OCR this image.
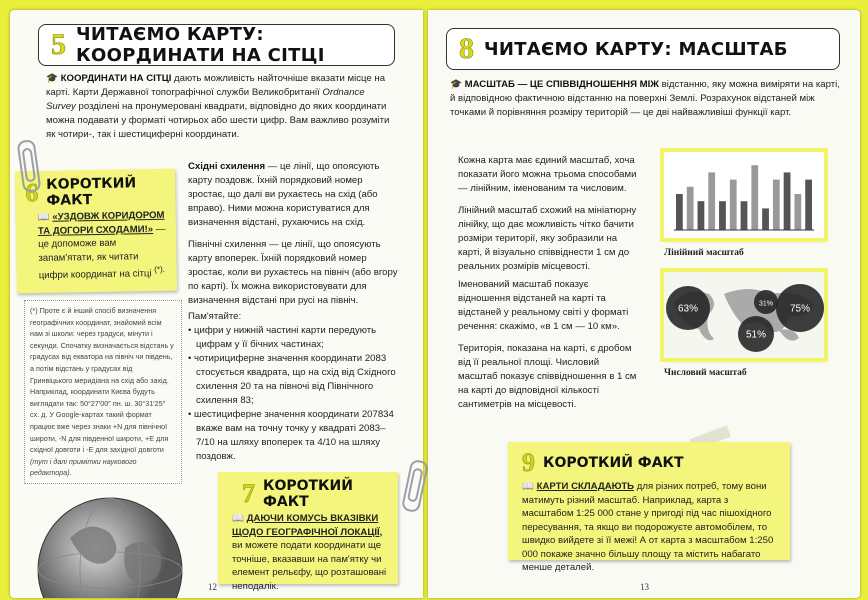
5 ЧИТАЄМО КАРТУ: КООРДИНАТИ НА СІТЦІ

🎓 КООРДИНАТИ НА СІТЦІ дають можливість найточніше вказати місце на карті. Карти Державної топографічної служби Великобританії Ordnance Survey розділені на пронумеровані квадрати, відповідно до яких координати можна подавати у форматі чотирьох або шести цифр. Вам важливо розуміти як чотири-, так і шестициферні координати.

6 КОРОТКИЙ ФАКТ
📖 «УЗДОВЖ КОРИДОРОМ ТА ДОГОРИ СХОДАМИ!» — це допоможе вам запам'ятати, як читати цифри координат на сітці (*).
Східні схилення — це лінії, що опоясують карту поздовж. Їхній порядковий номер зростає, що далі ви рухаєтесь на схід (або вправо). Ними можна користуватися для визначення відстані, рухаючись на схід.
Північні схилення — це лінії, що опоясують карту впоперек. Їхній порядковий номер зростає, коли ви рухаєтесь на північ (або вгору по карті). Їх можна використовувати для визначення відстані при русі на північ.
Пам'ятайте:
• цифри у нижній частині карти передують цифрам у її бічних частинах;
• чотирициферне значення координати 2083 стосується квадрата, що на схід від Східного схилення 20 та на півночі від Північного схилення 83;
• шестициферне значення координати 207834 вкаже вам на точну точку у квадраті 2083–7/10 на шляху впоперек та 4/10 на шляху поздовж.
(*) Проте є й інший спосіб визначення географічних координат, знайомий всім нам зі школи: через градуси, мінути і секунди. Спочатку визначається відстань у градусах від екватора на північ чи південь, а потім відстань у градусах від Гринвіцького меридіана на схід або захід. Наприклад, координати Києва будуть виглядати так: 50°27′00″ пн. ш. 30°31′25″ сх. д. У Google-картах такий формат працює вже через знаки +N для північної широти, -N для південної широти, +E для східної довготи і -E для західної довготи (тут і далі примітки наукового редактора).
7 КОРОТКИЙ ФАКТ
📖 ДАЮЧИ КОМУСЬ ВКАЗІВКИ ЩОДО ГЕОГРАФІЧНОЇ ЛОКАЦІЇ, ви можете подати координати ще точніше, вказавши на пам'ятку чи елемент рельєфу, що розташовані неподалік.
12
8 ЧИТАЄМО КАРТУ: МАСШТАБ

🎓 МАСШТАБ — ЦЕ СПІВВІДНОШЕННЯ МІЖ відстанню, яку можна виміряти на карті, й відповідною фактичною відстанню на поверхні Землі. Розрахунок відстаней між точками й порівняння розміру територій — це дві найважливіші функції карт.

Кожна карта має єдиний масштаб, хоча показати його можна трьома способами — лінійним, іменованим та числовим.
Лінійний масштаб схожий на мініатюрну лінійку, що дає можливість чітко бачити розміри території, яку зобразили на карті, й візуально співвіднести 1 см до реальних розмірів місцевості.
Іменований масштаб показує відношення відстаней на карті та відстаней у реальному світі у форматі речення: скажімо, «в 1 см — 10 км».
Територія, показана на карті, є дробом від її реальної площі. Числовий масштаб показує співвідношення в 1 см на карті до відповідної кількості сантиметрів на місцевості.
Лінійний масштаб
63%	75%
51%
31%
Числовий масштаб
9 КОРОТКИЙ ФАКТ
📖 КАРТИ СКЛАДАЮТЬ для різних потреб, тому вони матимуть різний масштаб. Наприклад, карта з масштабом 1:25 000 стане у пригоді під час пішохідного пересування, та якщо ви подорожуєте автомобілем, то швидко вийдете зі її межі! А от карта з масштабом 1:250 000 покаже значно більшу площу та містить набагато менше деталей.
13
